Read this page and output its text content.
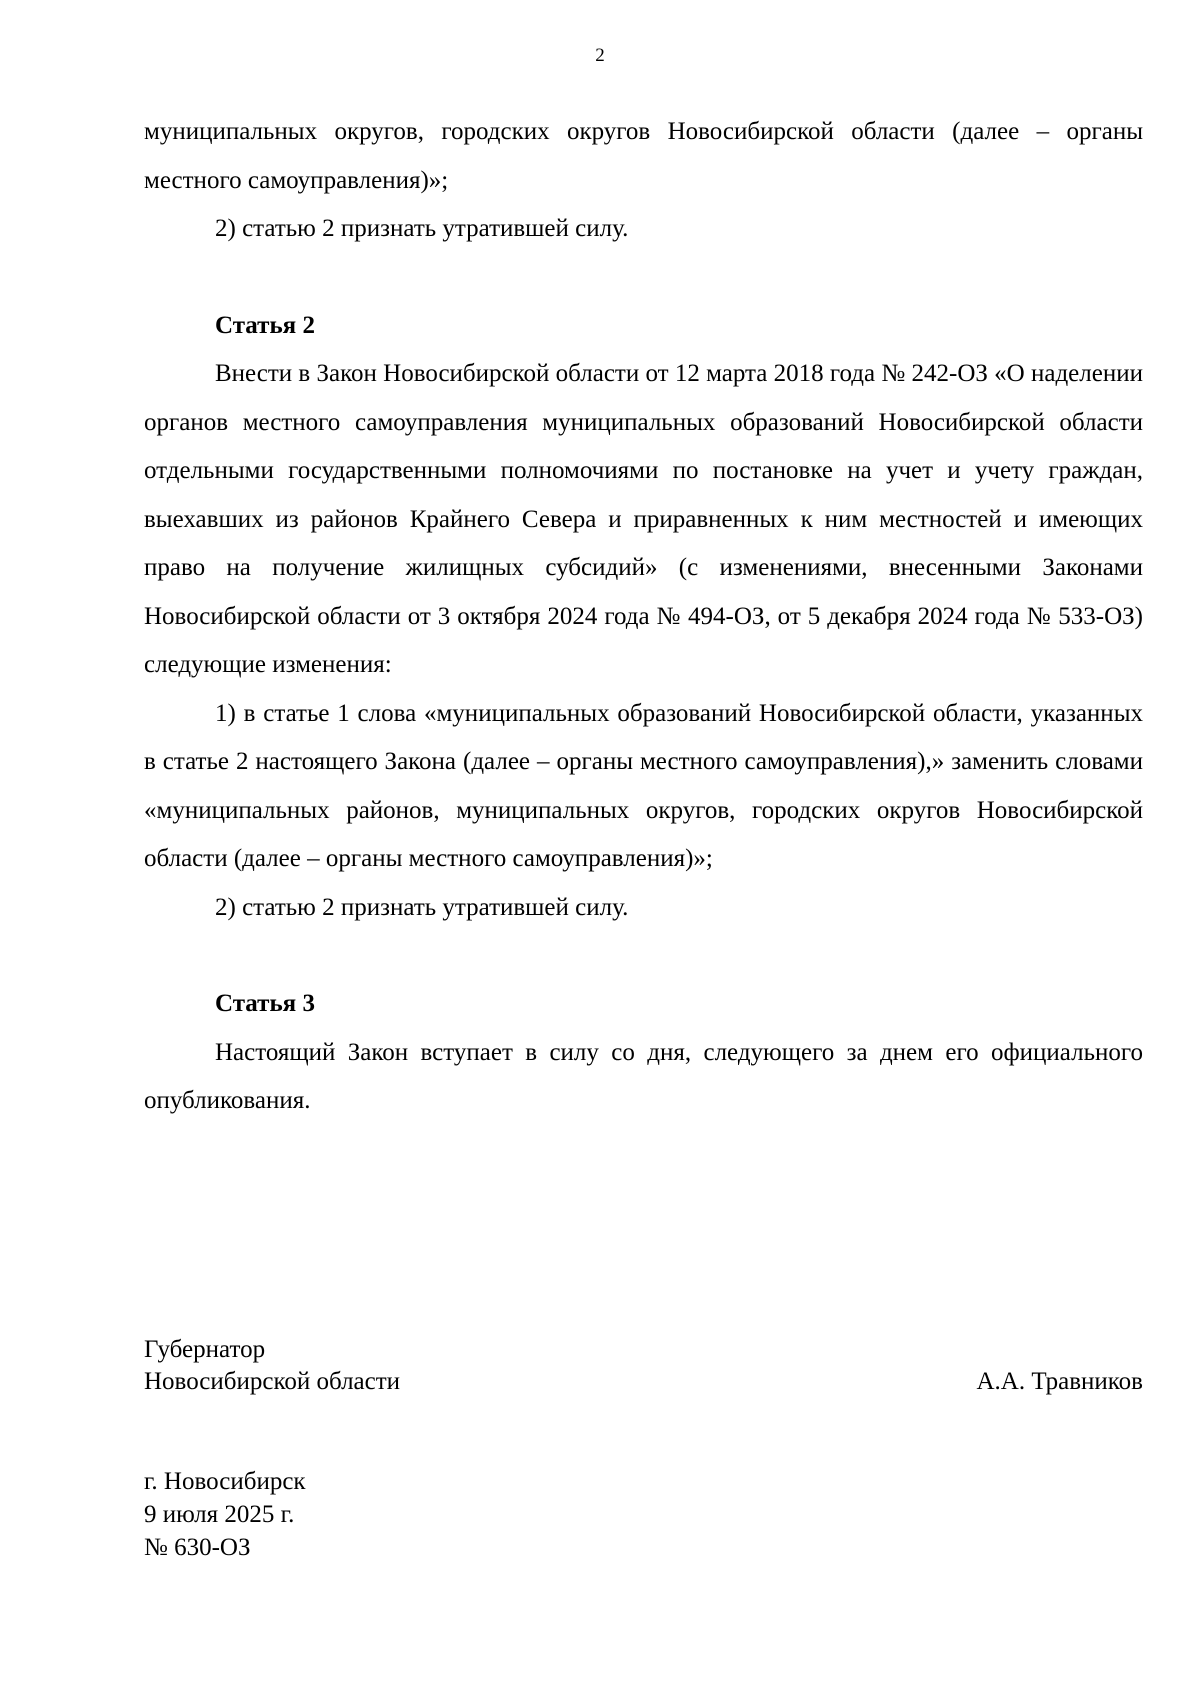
2

муниципальных округов, городских округов Новосибирской области (далее – органы местного самоуправления)»;

2) статью 2 признать утратившей силу.

Статья 2

Внести в Закон Новосибирской области от 12 марта 2018 года № 242-ОЗ «О наделении органов местного самоуправления муниципальных образований Новосибирской области отдельными государственными полномочиями по постановке на учет и учету граждан, выехавших из районов Крайнего Севера и приравненных к ним местностей и имеющих право на получение жилищных субсидий» (с изменениями, внесенными Законами Новосибирской области от 3 октября 2024 года № 494-ОЗ, от 5 декабря 2024 года № 533-ОЗ) следующие изменения:

1) в статье 1 слова «муниципальных образований Новосибирской области, указанных в статье 2 настоящего Закона (далее – органы местного самоуправления),» заменить словами «муниципальных районов, муниципальных округов, городских округов Новосибирской области (далее – органы местного самоуправления)»;

2) статью 2 признать утратившей силу.

Статья 3

Настоящий Закон вступает в силу со дня, следующего за днем его официального опубликования.

Губернатор
Новосибирской области	А.А. Травников
г. Новосибирск
9 июля 2025 г.
№ 630-ОЗ
